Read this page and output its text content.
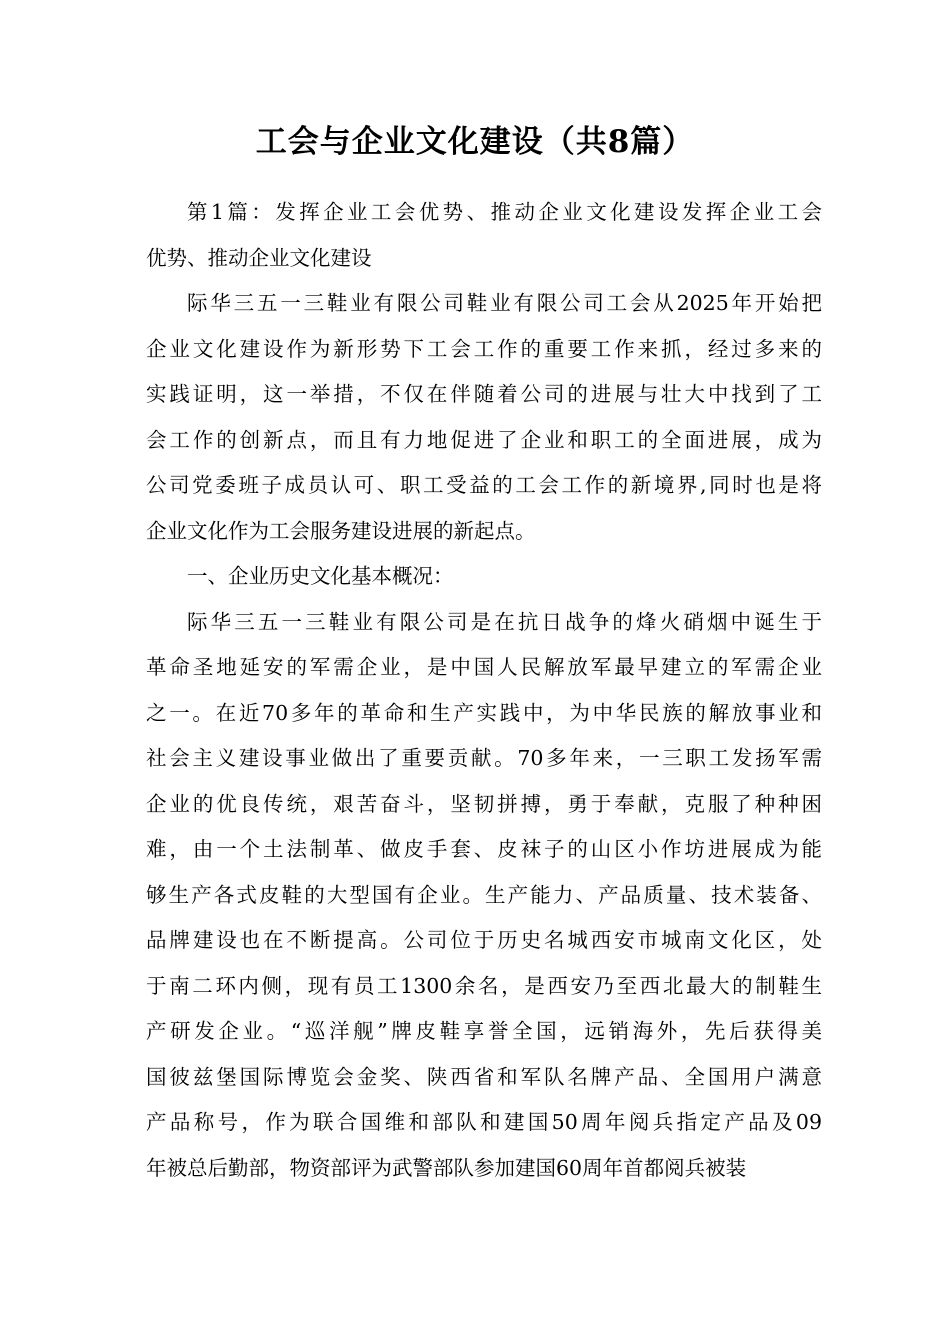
工会与企业文化建设（共8篇）
第1篇：发挥企业工会优势、推动企业文化建设发挥企业工会
优势、推动企业文化建设
际华三五一三鞋业有限公司鞋业有限公司工会从2025年开始把
企业文化建设作为新形势下工会工作的重要工作来抓，经过多来的
实践证明，这一举措，不仅在伴随着公司的进展与壮大中找到了工
会工作的创新点，而且有力地促进了企业和职工的全面进展，成为
公司党委班子成员认可、职工受益的工会工作的新境界,同时也是将
企业文化作为工会服务建设进展的新起点。
一、企业历史文化基本概况：
际华三五一三鞋业有限公司是在抗日战争的烽火硝烟中诞生于
革命圣地延安的军需企业，是中国人民解放军最早建立的军需企业
之一。在近70多年的革命和生产实践中，为中华民族的解放事业和
社会主义建设事业做出了重要贡献。70多年来，一三职工发扬军需
企业的优良传统，艰苦奋斗，坚韧拼搏，勇于奉献，克服了种种困
难，由一个土法制革、做皮手套、皮袜子的山区小作坊进展成为能
够生产各式皮鞋的大型国有企业。生产能力、产品质量、技术装备、
品牌建设也在不断提高。公司位于历史名城西安市城南文化区，处
于南二环内侧，现有员工1300余名，是西安乃至西北最大的制鞋生
产研发企业。“巡洋舰”牌皮鞋享誉全国，远销海外，先后获得美
国彼兹堡国际博览会金奖、陕西省和军队名牌产品、全国用户满意
产品称号，作为联合国维和部队和建国50周年阅兵指定产品及09
年被总后勤部，物资部评为武警部队参加建国60周年首都阅兵被装
